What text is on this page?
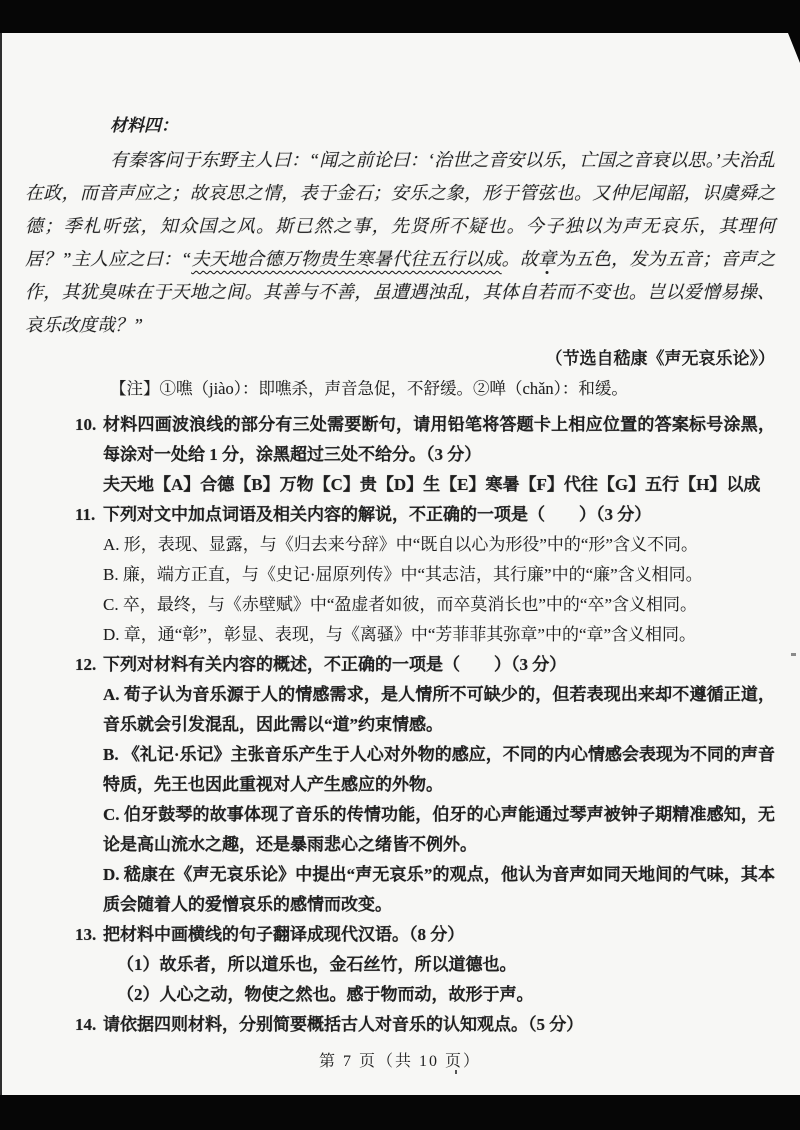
材料四：

有秦客问于东野主人曰：“闻之前论曰：‘治世之音安以乐，亡国之音衰以思。’夫治乱在政，而音声应之；故哀思之情，表于金石；安乐之象，形于管弦也。又仲尼闻韶，识虞舜之德；季札听弦，知众国之风。斯已然之事，先贤所不疑也。今子独以为声无哀乐，其理何居？”主人应之曰：“夫天地合德万物贵生寒暑代往五行以成。故章为五色，发为五音；音声之作，其犹臭味在于天地之间。其善与不善，虽遭遇浊乱，其体自若而不变也。岂以爱憎易操、哀乐改度哉？”

（节选自嵇康《声无哀乐论》）
【注】①噍（jiào）：即噍杀，声音急促，不舒缓。②啴（chǎn）：和缓。
10. 材料四画波浪线的部分有三处需要断句，请用铅笔将答题卡上相应位置的答案标号涂黑，每涂对一处给 1 分，涂黑超过三处不给分。（3 分）
夫天地【A】合德【B】万物【C】贵【D】生【E】寒暑【F】代往【G】五行【H】以成
11. 下列对文中加点词语及相关内容的解说，不正确的一项是（　　）（3 分）
A. 形，表现、显露，与《归去来兮辞》中“既自以心为形役”中的“形”含义不同。
B. 廉，端方正直，与《史记·屈原列传》中“其志洁，其行廉”中的“廉”含义相同。
C. 卒，最终，与《赤壁赋》中“盈虚者如彼，而卒莫消长也”中的“卒”含义相同。
D. 章，通“彰”，彰显、表现，与《离骚》中“芳菲菲其弥章”中的“章”含义相同。
12. 下列对材料有关内容的概述，不正确的一项是（　　）（3 分）
A. 荀子认为音乐源于人的情感需求，是人情所不可缺少的，但若表现出来却不遵循正道，音乐就会引发混乱，因此需以“道”约束情感。
B. 《礼记·乐记》主张音乐产生于人心对外物的感应，不同的内心情感会表现为不同的声音特质，先王也因此重视对人产生感应的外物。
C. 伯牙鼓琴的故事体现了音乐的传情功能，伯牙的心声能通过琴声被钟子期精准感知，无论是高山流水之趣，还是暴雨悲心之绪皆不例外。
D. 嵇康在《声无哀乐论》中提出“声无哀乐”的观点，他认为音声如同天地间的气味，其本质会随着人的爱憎哀乐的感情而改变。
13. 把材料中画横线的句子翻译成现代汉语。（8 分）
（1）故乐者，所以道乐也，金石丝竹，所以道德也。
（2）人心之动，物使之然也。感于物而动，故形于声。
14. 请依据四则材料，分别简要概括古人对音乐的认知观点。（5 分）
第 7 页（共 10 页）
